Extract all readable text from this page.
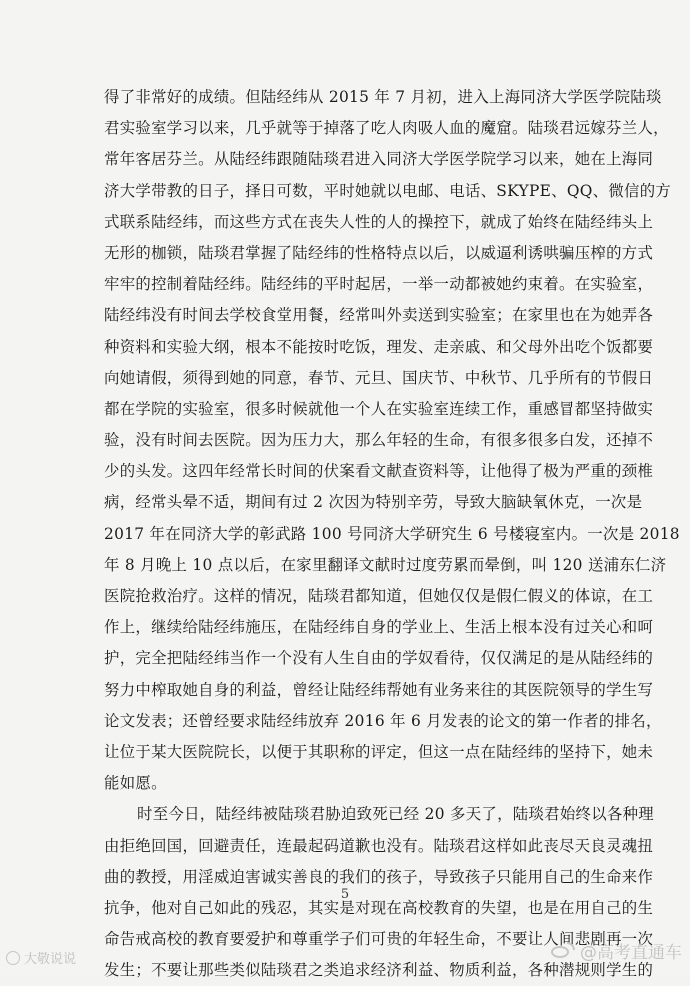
得了非常好的成绩。但陆经纬从 2015 年 7 月初，进入上海同济大学医学院陆琰
君实验室学习以来，几乎就等于掉落了吃人肉吸人血的魔窟。陆琰君远嫁芬兰人，
常年客居芬兰。从陆经纬跟随陆琰君进入同济大学医学院学习以来，她在上海同
济大学带教的日子，择日可数，平时她就以电邮、电话、SKYPE、QQ、微信的方
式联系陆经纬，而这些方式在丧失人性的人的操控下，就成了始终在陆经纬头上
无形的枷锁，陆琰君掌握了陆经纬的性格特点以后，以威逼利诱哄骗压榨的方式
牢牢的控制着陆经纬。陆经纬的平时起居，一举一动都被她约束着。在实验室，
陆经纬没有时间去学校食堂用餐，经常叫外卖送到实验室；在家里也在为她弄各
种资料和实验大纲，根本不能按时吃饭，理发、走亲戚、和父母外出吃个饭都要
向她请假，须得到她的同意，春节、元旦、国庆节、中秋节、几乎所有的节假日
都在学院的实验室，很多时候就他一个人在实验室连续工作，重感冒都坚持做实
验，没有时间去医院。因为压力大，那么年轻的生命，有很多很多白发，还掉不
少的头发。这四年经常长时间的伏案看文献查资料等，让他得了极为严重的颈椎
病，经常头晕不适，期间有过 2 次因为特别辛劳，导致大脑缺氧休克，一次是
2017 年在同济大学的彰武路 100 号同济大学研究生 6 号楼寝室内。一次是 2018
年 8 月晚上 10 点以后，在家里翻译文献时过度劳累而晕倒，叫 120 送浦东仁济
医院抢救治疗。这样的情况，陆琰君都知道，但她仅仅是假仁假义的体谅，在工
作上，继续给陆经纬施压，在陆经纬自身的学业上、生活上根本没有过关心和呵
护，完全把陆经纬当作一个没有人生自由的学奴看待，仅仅满足的是从陆经纬的
努力中榨取她自身的利益，曾经让陆经纬帮她有业务来往的其医院领导的学生写
论文发表；还曾经要求陆经纬放弃 2016 年 6 月发表的论文的第一作者的排名，
让位于某大医院院长，以便于其职称的评定，但这一点在陆经纬的坚持下，她未
能如愿。
时至今日，陆经纬被陆琰君胁迫致死已经 20 多天了，陆琰君始终以各种理
由拒绝回国，回避责任，连最起码道歉也没有。陆琰君这样如此丧尽天良灵魂扭
曲的教授，用淫威迫害诚实善良的我们的孩子，导致孩子只能用自己的生命来作
抗争，他对自己如此的残忍，其实是对现在高校教育的失望，也是在用自己的生
命告戒高校的教育要爱护和尊重学子们可贵的年轻生命，不要让人间悲剧再一次
发生；不要让那些类似陆琰君之类追求经济利益、物质利益，各种潜规则学生的
5
大敬说说	@高考直通车
